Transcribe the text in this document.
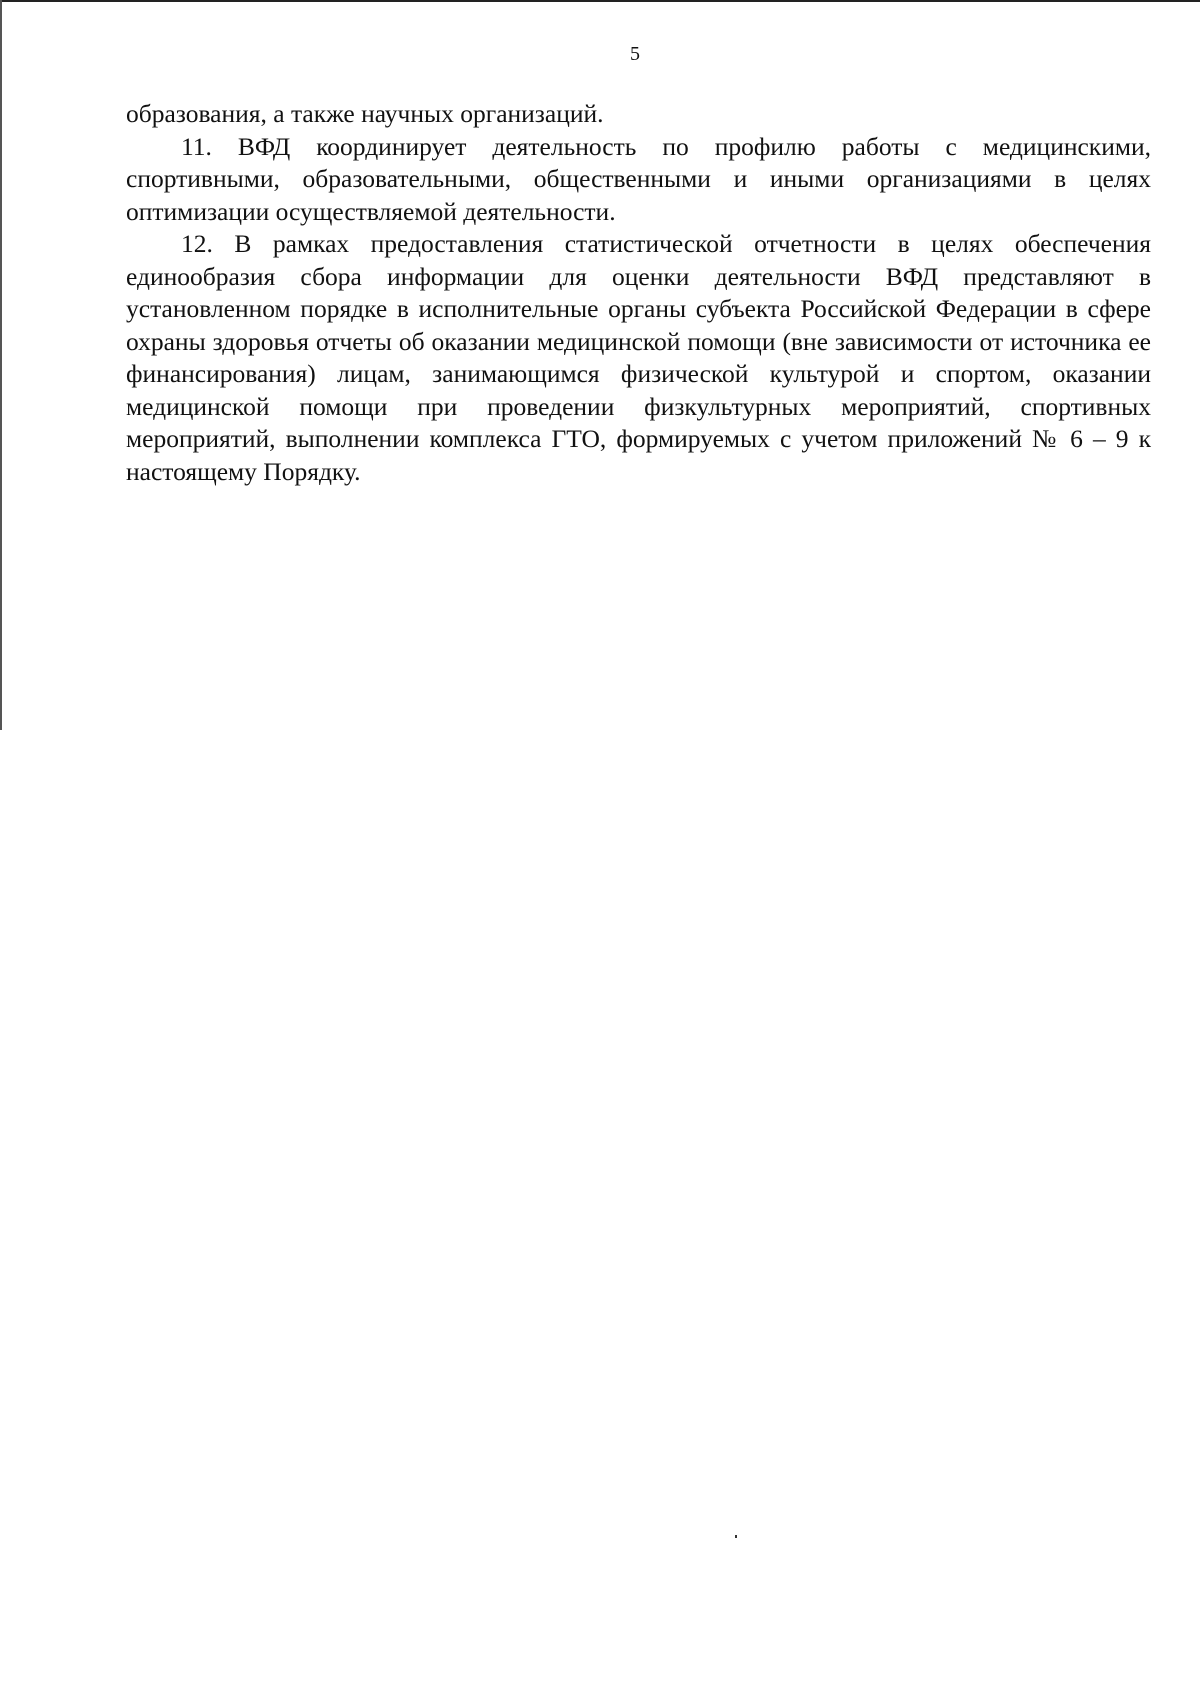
5

образования, а также научных организаций.

11. ВФД координирует деятельность по профилю работы с медицинскими, спортивными, образовательными, общественными и иными организациями в целях оптимизации осуществляемой деятельности.

12. В рамках предоставления статистической отчетности в целях обеспечения единообразия сбора информации для оценки деятельности ВФД представляют в установленном порядке в исполнительные органы субъекта Российской Федерации в сфере охраны здоровья отчеты об оказании медицинской помощи (вне зависимости от источника ее финансирования) лицам, занимающимся физической культурой и спортом, оказании медицинской помощи при проведении физкультурных мероприятий, спортивных мероприятий, выполнении комплекса ГТО, формируемых с учетом приложений № 6 – 9 к настоящему Порядку.
